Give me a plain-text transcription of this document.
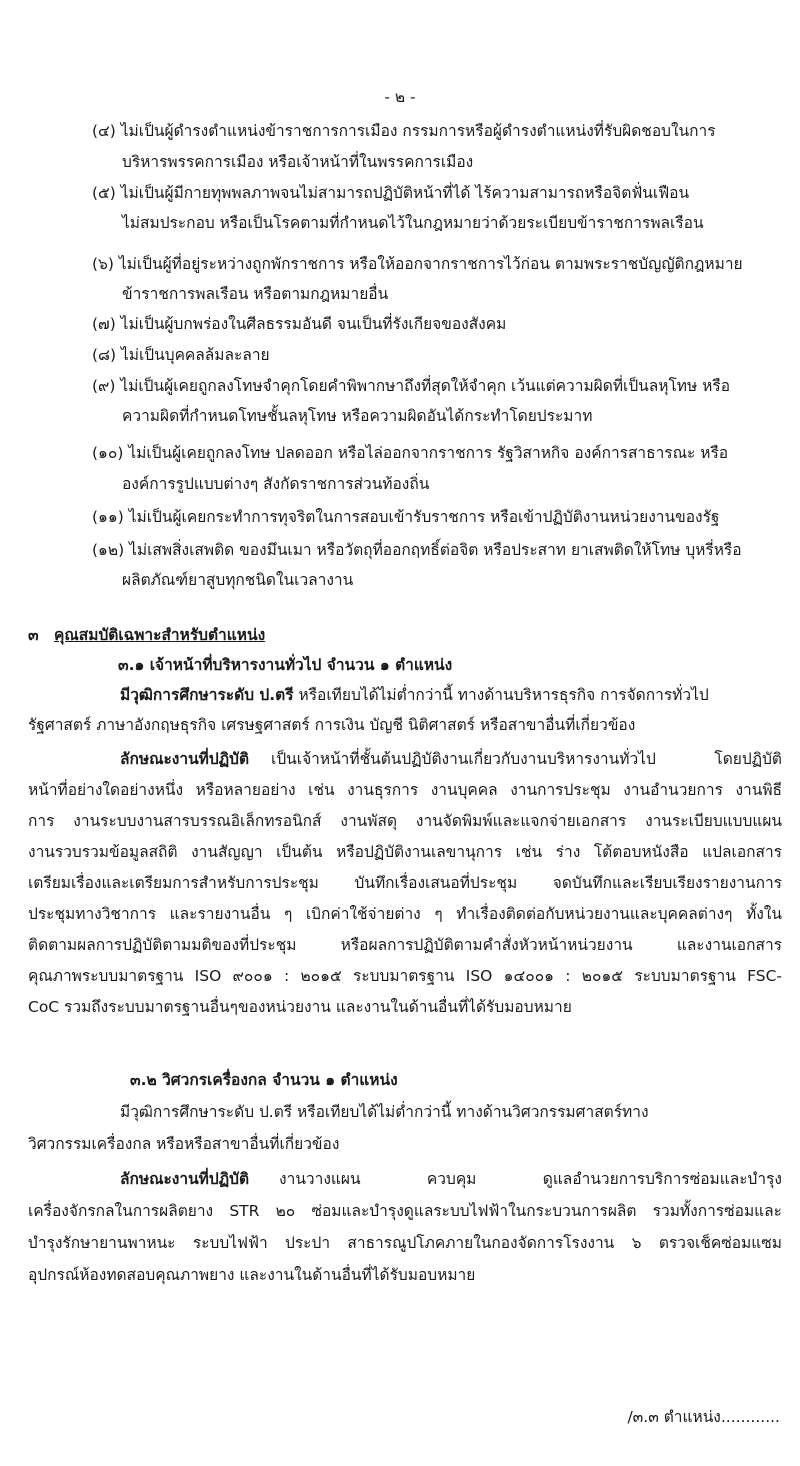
- ๒ -
(๔) ไม่เป็นผู้ดำรงตำแหน่งข้าราชการการเมือง กรรมการหรือผู้ดำรงตำแหน่งที่รับผิดชอบในการ
บริหารพรรคการเมือง หรือเจ้าหน้าที่ในพรรคการเมือง
(๕) ไม่เป็นผู้มีกายทุพพลภาพจนไม่สามารถปฏิบัติหน้าที่ได้ ไร้ความสามารถหรือจิตฟั่นเฟือน
ไม่สมประกอบ หรือเป็นโรคตามที่กำหนดไว้ในกฎหมายว่าด้วยระเบียบข้าราชการพลเรือน
(๖) ไม่เป็นผู้ที่อยู่ระหว่างถูกพักราชการ หรือให้ออกจากราชการไว้ก่อน ตามพระราชบัญญัติกฎหมาย
ข้าราชการพลเรือน หรือตามกฎหมายอื่น
(๗) ไม่เป็นผู้บกพร่องในศีลธรรมอันดี จนเป็นที่รังเกียจของสังคม
(๘) ไม่เป็นบุคคลล้มละลาย
(๙) ไม่เป็นผู้เคยถูกลงโทษจำคุกโดยคำพิพากษาถึงที่สุดให้จำคุก เว้นแต่ความผิดที่เป็นลหุโทษ หรือ
ความผิดที่กำหนดโทษชั้นลหุโทษ หรือความผิดอันได้กระทำโดยประมาท
(๑๐) ไม่เป็นผู้เคยถูกลงโทษ ปลดออก หรือไล่ออกจากราชการ รัฐวิสาหกิจ องค์การสาธารณะ หรือ
องค์การรูปแบบต่างๆ สังกัดราชการส่วนท้องถิ่น
(๑๑) ไม่เป็นผู้เคยกระทำการทุจริตในการสอบเข้ารับราชการ หรือเข้าปฏิบัติงานหน่วยงานของรัฐ
(๑๒) ไม่เสพสิ่งเสพติด ของมึนเมา หรือวัตถุที่ออกฤทธิ์ต่อจิต หรือประสาท ยาเสพติดให้โทษ บุหรี่หรือ
ผลิตภัณฑ์ยาสูบทุกชนิดในเวลางาน
๓ คุณสมบัติเฉพาะสำหรับตำแหน่ง
๓.๑ เจ้าหน้าที่บริหารงานทั่วไป จำนวน ๑ ตำแหน่ง
มีวุฒิการศึกษาระดับ ป.ตรี หรือเทียบได้ไม่ต่ำกว่านี้ ทางด้านบริหารธุรกิจ การจัดการทั่วไป
รัฐศาสตร์ ภาษาอังกฤษธุรกิจ เศรษฐศาสตร์ การเงิน บัญชี นิติศาสตร์ หรือสาขาอื่นที่เกี่ยวข้อง
ลักษณะงานที่ปฏิบัติ เป็นเจ้าหน้าที่ชั้นต้นปฏิบัติงานเกี่ยวกับงานบริหารงานทั่วไป โดยปฏิบัติ
หน้าที่อย่างใดอย่างหนึ่ง หรือหลายอย่าง เช่น งานธุรการ งานบุคคล งานการประชุม งานอำนวยการ งานพิธี
การ งานระบบงานสารบรรณอิเล็กทรอนิกส์ งานพัสดุ งานจัดพิมพ์และแจกจ่ายเอกสาร งานระเบียบแบบแผน
งานรวบรวมข้อมูลสถิติ งานสัญญา เป็นต้น หรือปฏิบัติงานเลขานุการ เช่น ร่าง โต้ตอบหนังสือ แปลเอกสาร
เตรียมเรื่องและเตรียมการสำหรับการประชุม บันทึกเรื่องเสนอที่ประชุม จดบันทึกและเรียบเรียงรายงานการ
ประชุมทางวิชาการ และรายงานอื่น ๆ เบิกค่าใช้จ่ายต่าง ๆ ทำเรื่องติดต่อกับหน่วยงานและบุคคลต่างๆ ทั้งใน
ติดตามผลการปฏิบัติตามมติของที่ประชุม หรือผลการปฏิบัติตามคำสั่งหัวหน้าหน่วยงาน และงานเอกสาร
คุณภาพระบบมาตรฐาน ISO ๙๐๐๑ : ๒๐๑๕ ระบบมาตรฐาน ISO ๑๔๐๐๑ : ๒๐๑๕ ระบบมาตรฐาน FSC-
CoC รวมถึงระบบมาตรฐานอื่นๆของหน่วยงาน และงานในด้านอื่นที่ได้รับมอบหมาย
๓.๒ วิศวกรเครื่องกล จำนวน ๑ ตำแหน่ง
มีวุฒิการศึกษาระดับ ป.ตรี หรือเทียบได้ไม่ต่ำกว่านี้ ทางด้านวิศวกรรมศาสตร์ทาง
วิศวกรรมเครื่องกล หรือหรือสาขาอื่นที่เกี่ยวข้อง
ลักษณะงานที่ปฏิบัติ งานวางแผน ควบคุม ดูแลอำนวยการบริการซ่อมและบำรุง
เครื่องจักรกลในการผลิตยาง STR ๒๐ ซ่อมและบำรุงดูแลระบบไฟฟ้าในกระบวนการผลิต รวมทั้งการซ่อมและ
บำรุงรักษายานพาหนะ ระบบไฟฟ้า ประปา สาธารณูปโภคภายในกองจัดการโรงงาน ๖ ตรวจเช็คซ่อมแซม
อุปกรณ์ห้องทดสอบคุณภาพยาง และงานในด้านอื่นที่ได้รับมอบหมาย
/๓.๓ ตำแหน่ง............
